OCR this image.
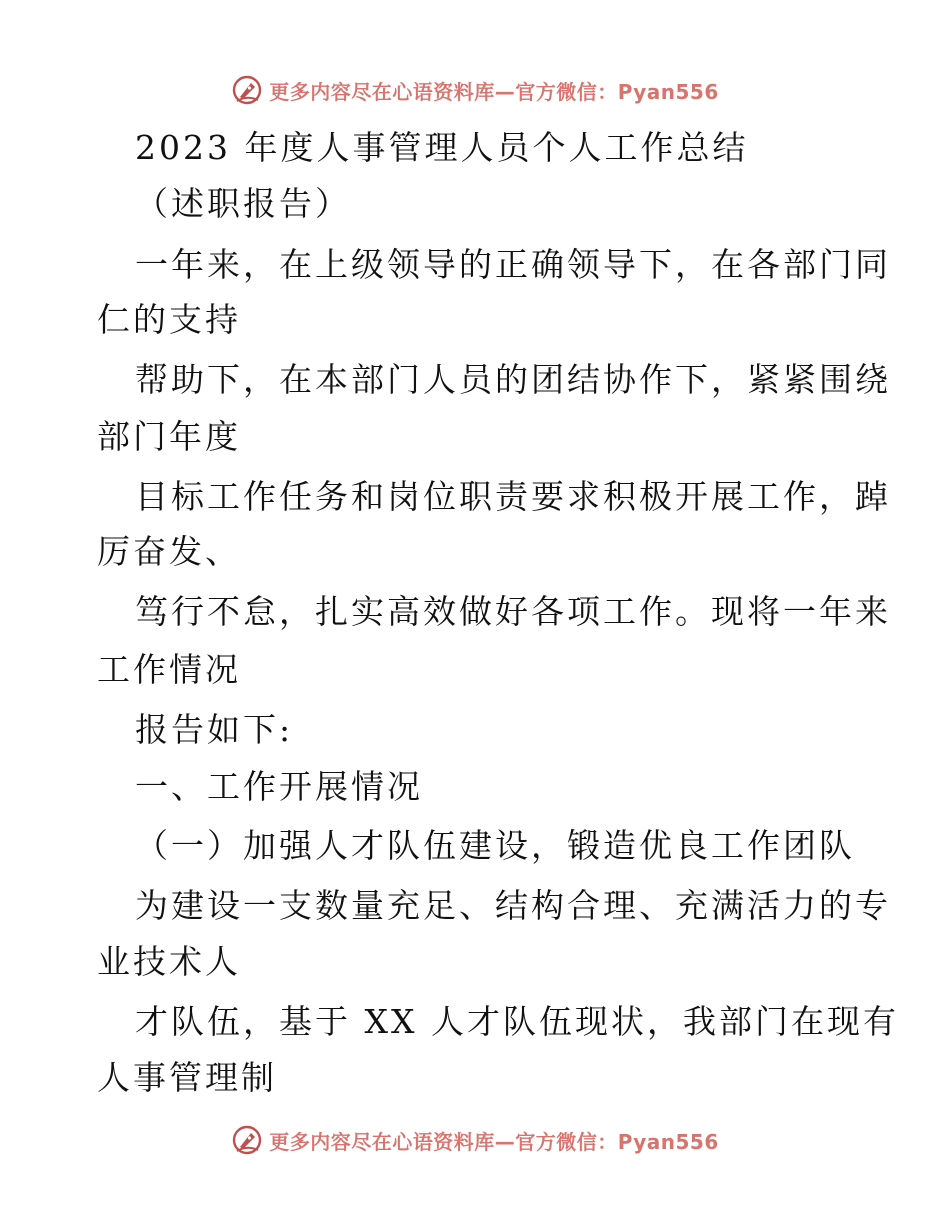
更多内容尽在心语资料库—官方微信：Pyan556
2023 年度人事管理人员个人工作总结
（述职报告）
一年来，在上级领导的正确领导下，在各部门同
仁的支持
帮助下，在本部门人员的团结协作下，紧紧围绕
部门年度
目标工作任务和岗位职责要求积极开展工作，踔
厉奋发、
笃行不怠，扎实高效做好各项工作。现将一年来
工作情况
报告如下:
一、工作开展情况
（一）加强人才队伍建设，锻造优良工作团队
为建设一支数量充足、结构合理、充满活力的专
业技术人
才队伍，基于 XX 人才队伍现状，我部门在现有
人事管理制
更多内容尽在心语资料库—官方微信：Pyan556
